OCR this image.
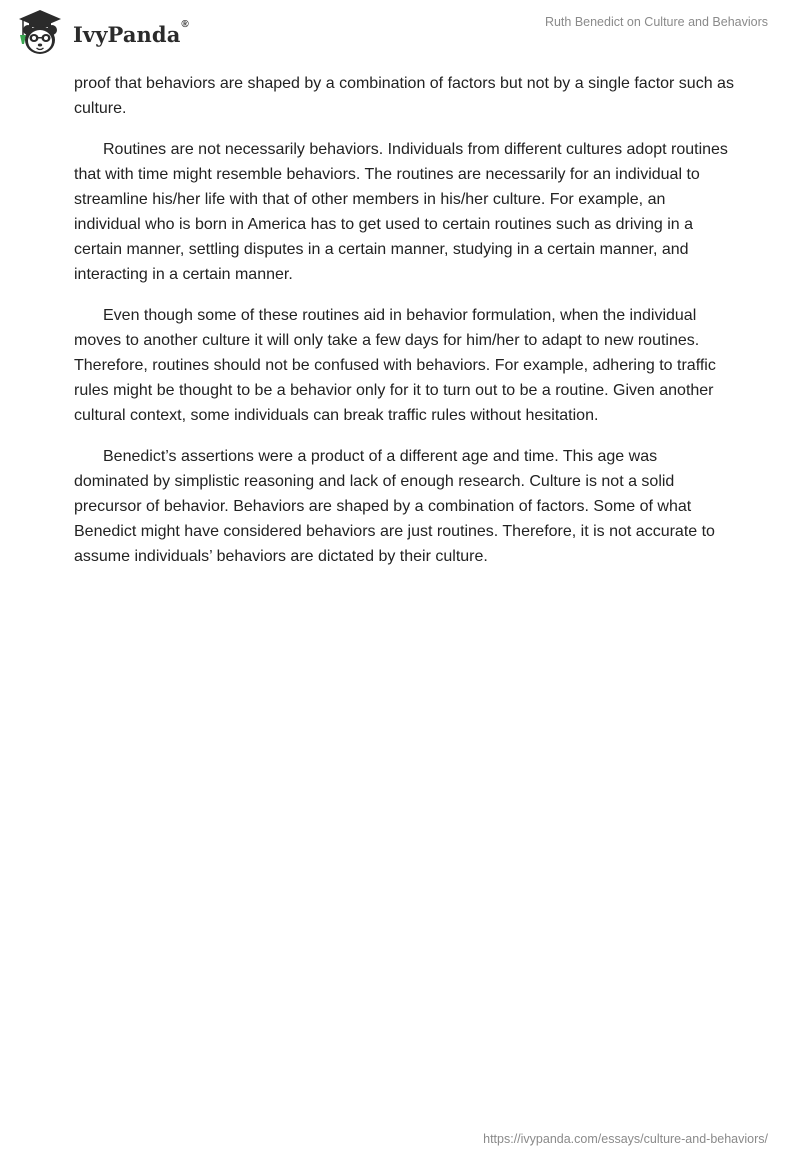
IvyPanda®	Ruth Benedict on Culture and Behaviors

proof that behaviors are shaped by a combination of factors but not by a single factor such as culture.

Routines are not necessarily behaviors. Individuals from different cultures adopt routines that with time might resemble behaviors. The routines are necessarily for an individual to streamline his/her life with that of other members in his/her culture. For example, an individual who is born in America has to get used to certain routines such as driving in a certain manner, settling disputes in a certain manner, studying in a certain manner, and interacting in a certain manner.

Even though some of these routines aid in behavior formulation, when the individual moves to another culture it will only take a few days for him/her to adapt to new routines. Therefore, routines should not be confused with behaviors. For example, adhering to traffic rules might be thought to be a behavior only for it to turn out to be a routine. Given another cultural context, some individuals can break traffic rules without hesitation.

Benedict’s assertions were a product of a different age and time. This age was dominated by simplistic reasoning and lack of enough research. Culture is not a solid precursor of behavior. Behaviors are shaped by a combination of factors. Some of what Benedict might have considered behaviors are just routines. Therefore, it is not accurate to assume individuals’ behaviors are dictated by their culture.

https://ivypanda.com/essays/culture-and-behaviors/
